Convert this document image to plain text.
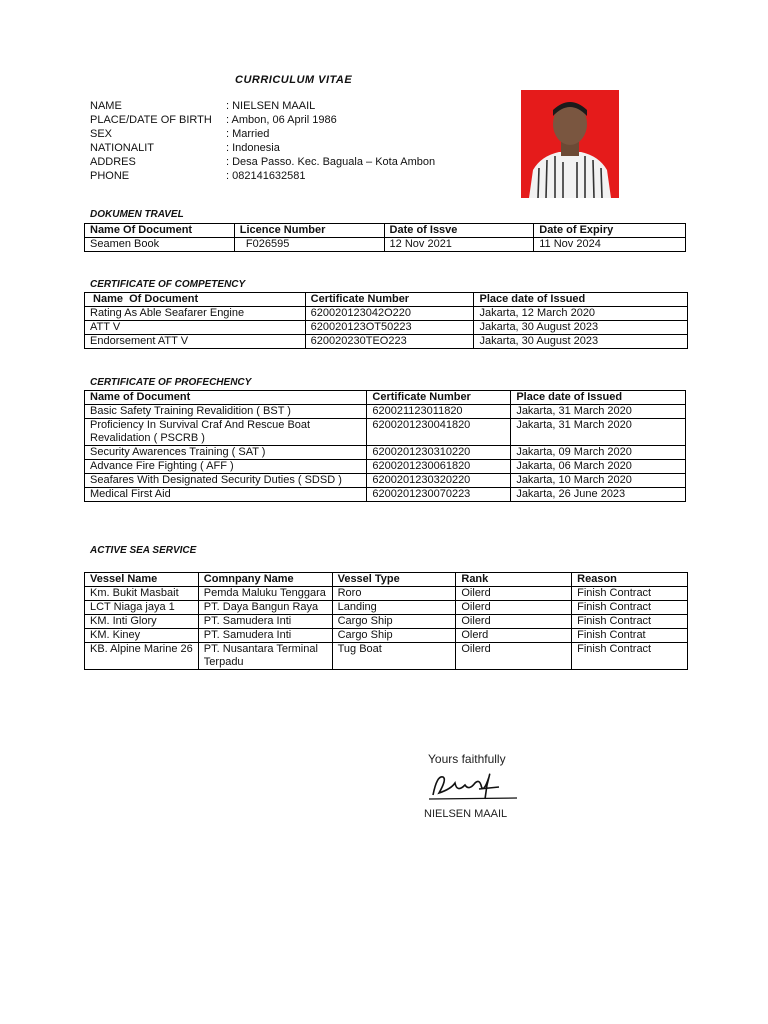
CURRICULUM VITAE
NAME	: NIELSEN MAAIL
PLACE/DATE OF BIRTH	: Ambon, 06 April 1986
SEX	: Married
NATIONALIT	: Indonesia
ADDRES	: Desa Passo. Kec. Baguala – Kota Ambon
PHONE	: 082141632581
DOKUMEN TRAVEL
Name Of Document	Licence Number	Date of Issve	Date of Expiry
Seamen Book	F026595	12 Nov 2021	11 Nov 2024
CERTIFICATE OF COMPETENCY
Name  Of Document	Certificate Number	Place date of Issued
Rating As Able Seafarer Engine	620020123042O220	Jakarta, 12 March 2020
ATT V	620020123OT50223	Jakarta, 30 August 2023
Endorsement ATT V	620020230TEO223	Jakarta, 30 August 2023
CERTIFICATE OF PROFECHENCY
Name of Document	Certificate Number	Place date of Issued
Basic Safety Training Revalidition ( BST )	620021123011820	Jakarta, 31 March 2020
Proficiency In Survival Craf And Rescue Boat Revalidation ( PSCRB )	6200201230041820	Jakarta, 31 March 2020
Security Awarences Training ( SAT )	6200201230310220	Jakarta, 09 March 2020
Advance Fire Fighting ( AFF )	6200201230061820	Jakarta, 06 March 2020
Seafares With Designated Security Duties ( SDSD )	6200201230320220	Jakarta, 10 March 2020
Medical First Aid	6200201230070223	Jakarta, 26 June 2023
ACTIVE SEA SERVICE
Vessel Name	Comnpany Name	Vessel Type	Rank	Reason
Km. Bukit Masbait	Pemda Maluku Tenggara	Roro	Oilerd	Finish Contract
LCT Niaga jaya 1	PT. Daya Bangun Raya	Landing	Oilerd	Finish Contract
KM. Inti Glory	PT. Samudera Inti	Cargo Ship	Oilerd	Finish Contract
KM. Kiney	PT. Samudera Inti	Cargo Ship	Olerd	Finish Contrat
KB. Alpine Marine 26	PT. Nusantara Terminal Terpadu	Tug Boat	Oilerd	Finish Contract
Yours faithfully
NIELSEN MAAIL
